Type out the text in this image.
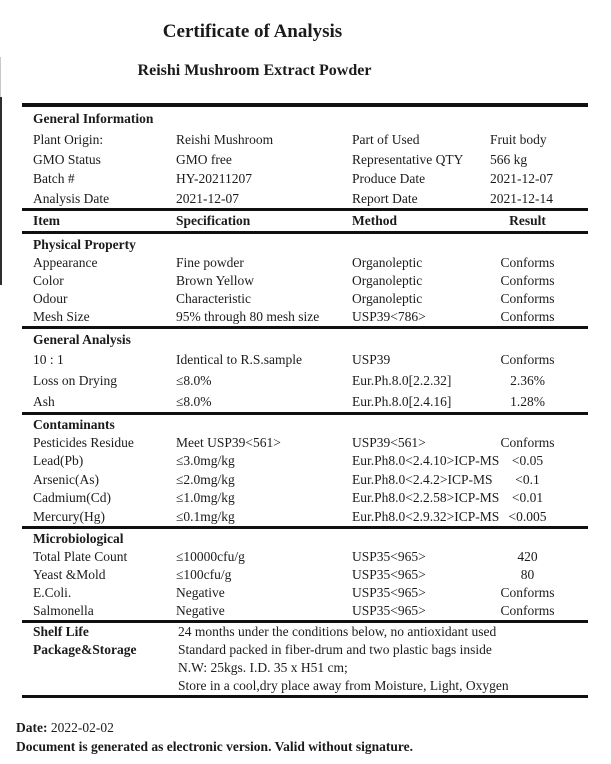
Certificate of Analysis
Reishi Mushroom Extract Powder
General Information
Plant Origin:	Reishi Mushroom	Part of Used	Fruit body
GMO Status	GMO free	Representative QTY	566 kg
Batch #	HY-20211207	Produce Date	2021-12-07
Analysis Date	2021-12-07	Report Date	2021-12-14
Item	Specification	Method	Result
Physical Property
Appearance	Fine powder	Organoleptic	Conforms
Color	Brown Yellow	Organoleptic	Conforms
Odour	Characteristic	Organoleptic	Conforms
Mesh Size	95% through 80 mesh size	USP39<786>	Conforms
General Analysis
10 : 1	Identical to R.S.sample	USP39	Conforms
Loss on Drying	≤8.0%	Eur.Ph.8.0[2.2.32]	2.36%
Ash	≤8.0%	Eur.Ph.8.0[2.4.16]	1.28%
Contaminants
Pesticides Residue	Meet USP39<561>	USP39<561>	Conforms
Lead(Pb)	≤3.0mg/kg	Eur.Ph8.0<2.4.10>ICP-MS <0.05
Arsenic(As)	≤2.0mg/kg	Eur.Ph8.0<2.4.2>ICP-MS	<0.1
Cadmium(Cd)	≤1.0mg/kg	Eur.Ph8.0<2.2.58>ICP-MS <0.01
Mercury(Hg)	≤0.1mg/kg	Eur.Ph8.0<2.9.32>ICP-MS <0.005
Microbiological
Total Plate Count	≤10000cfu/g	USP35<965>	420
Yeast &Mold	≤100cfu/g	USP35<965>	80
E.Coli.	Negative	USP35<965>	Conforms
Salmonella	Negative	USP35<965>	Conforms
Shelf Life	24 months under the conditions below, no antioxidant used
Package&Storage	Standard packed in fiber-drum and two plastic bags inside
N.W: 25kgs. I.D. 35 x H51 cm;
Store in a cool,dry place away from Moisture, Light, Oxygen
Date: 2022-02-02
Document is generated as electronic version. Valid without signature.
